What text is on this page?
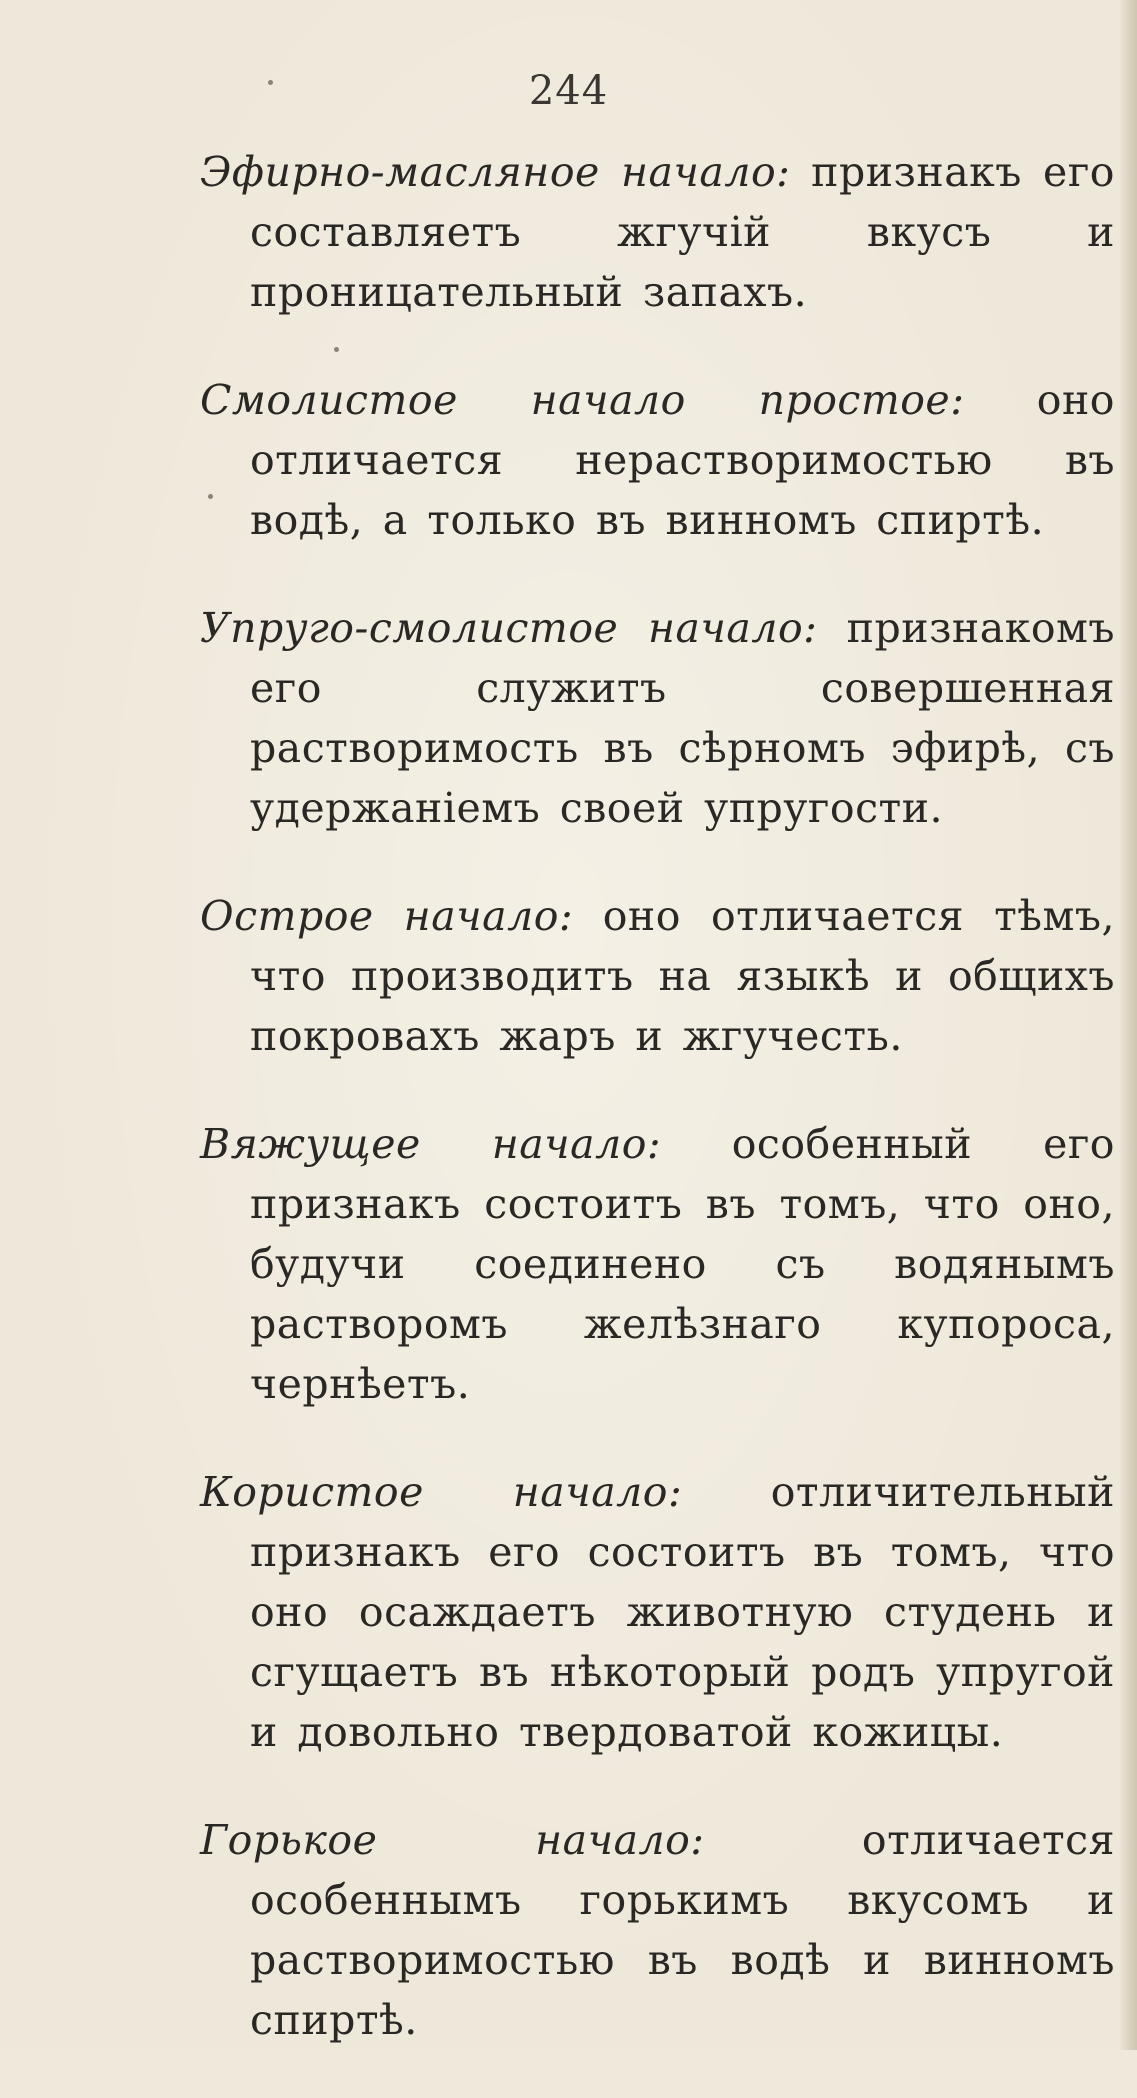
244

Эфирно-масляное начало: признакъ его составляетъ жгучій вкусъ и проницательный запахъ.

Смолистое начало простое: оно отличается нерастворимостью въ водѣ, а только въ винномъ спиртѣ.

Упруго-смолистое начало: признакомъ его служитъ совершенная растворимость въ сѣрномъ эфирѣ, съ удержаніемъ своей упругости.

Острое начало: оно отличается тѣмъ, что производитъ на языкѣ и общихъ покровахъ жаръ и жгучесть.

Вяжущее начало: особенный его признакъ состоитъ въ томъ, что оно, будучи соединено съ водянымъ растворомъ желѣзнаго купороса, чернѣетъ.

Користое начало: отличительный признакъ его состоитъ въ томъ, что оно осаждаетъ животную студень и сгущаетъ въ нѣкоторый родъ упругой и довольно твердоватой кожицы.

Горькое начало:	отличается особеннымъ горькимъ вкусомъ и растворимостью въ водѣ и винномъ спиртѣ.
